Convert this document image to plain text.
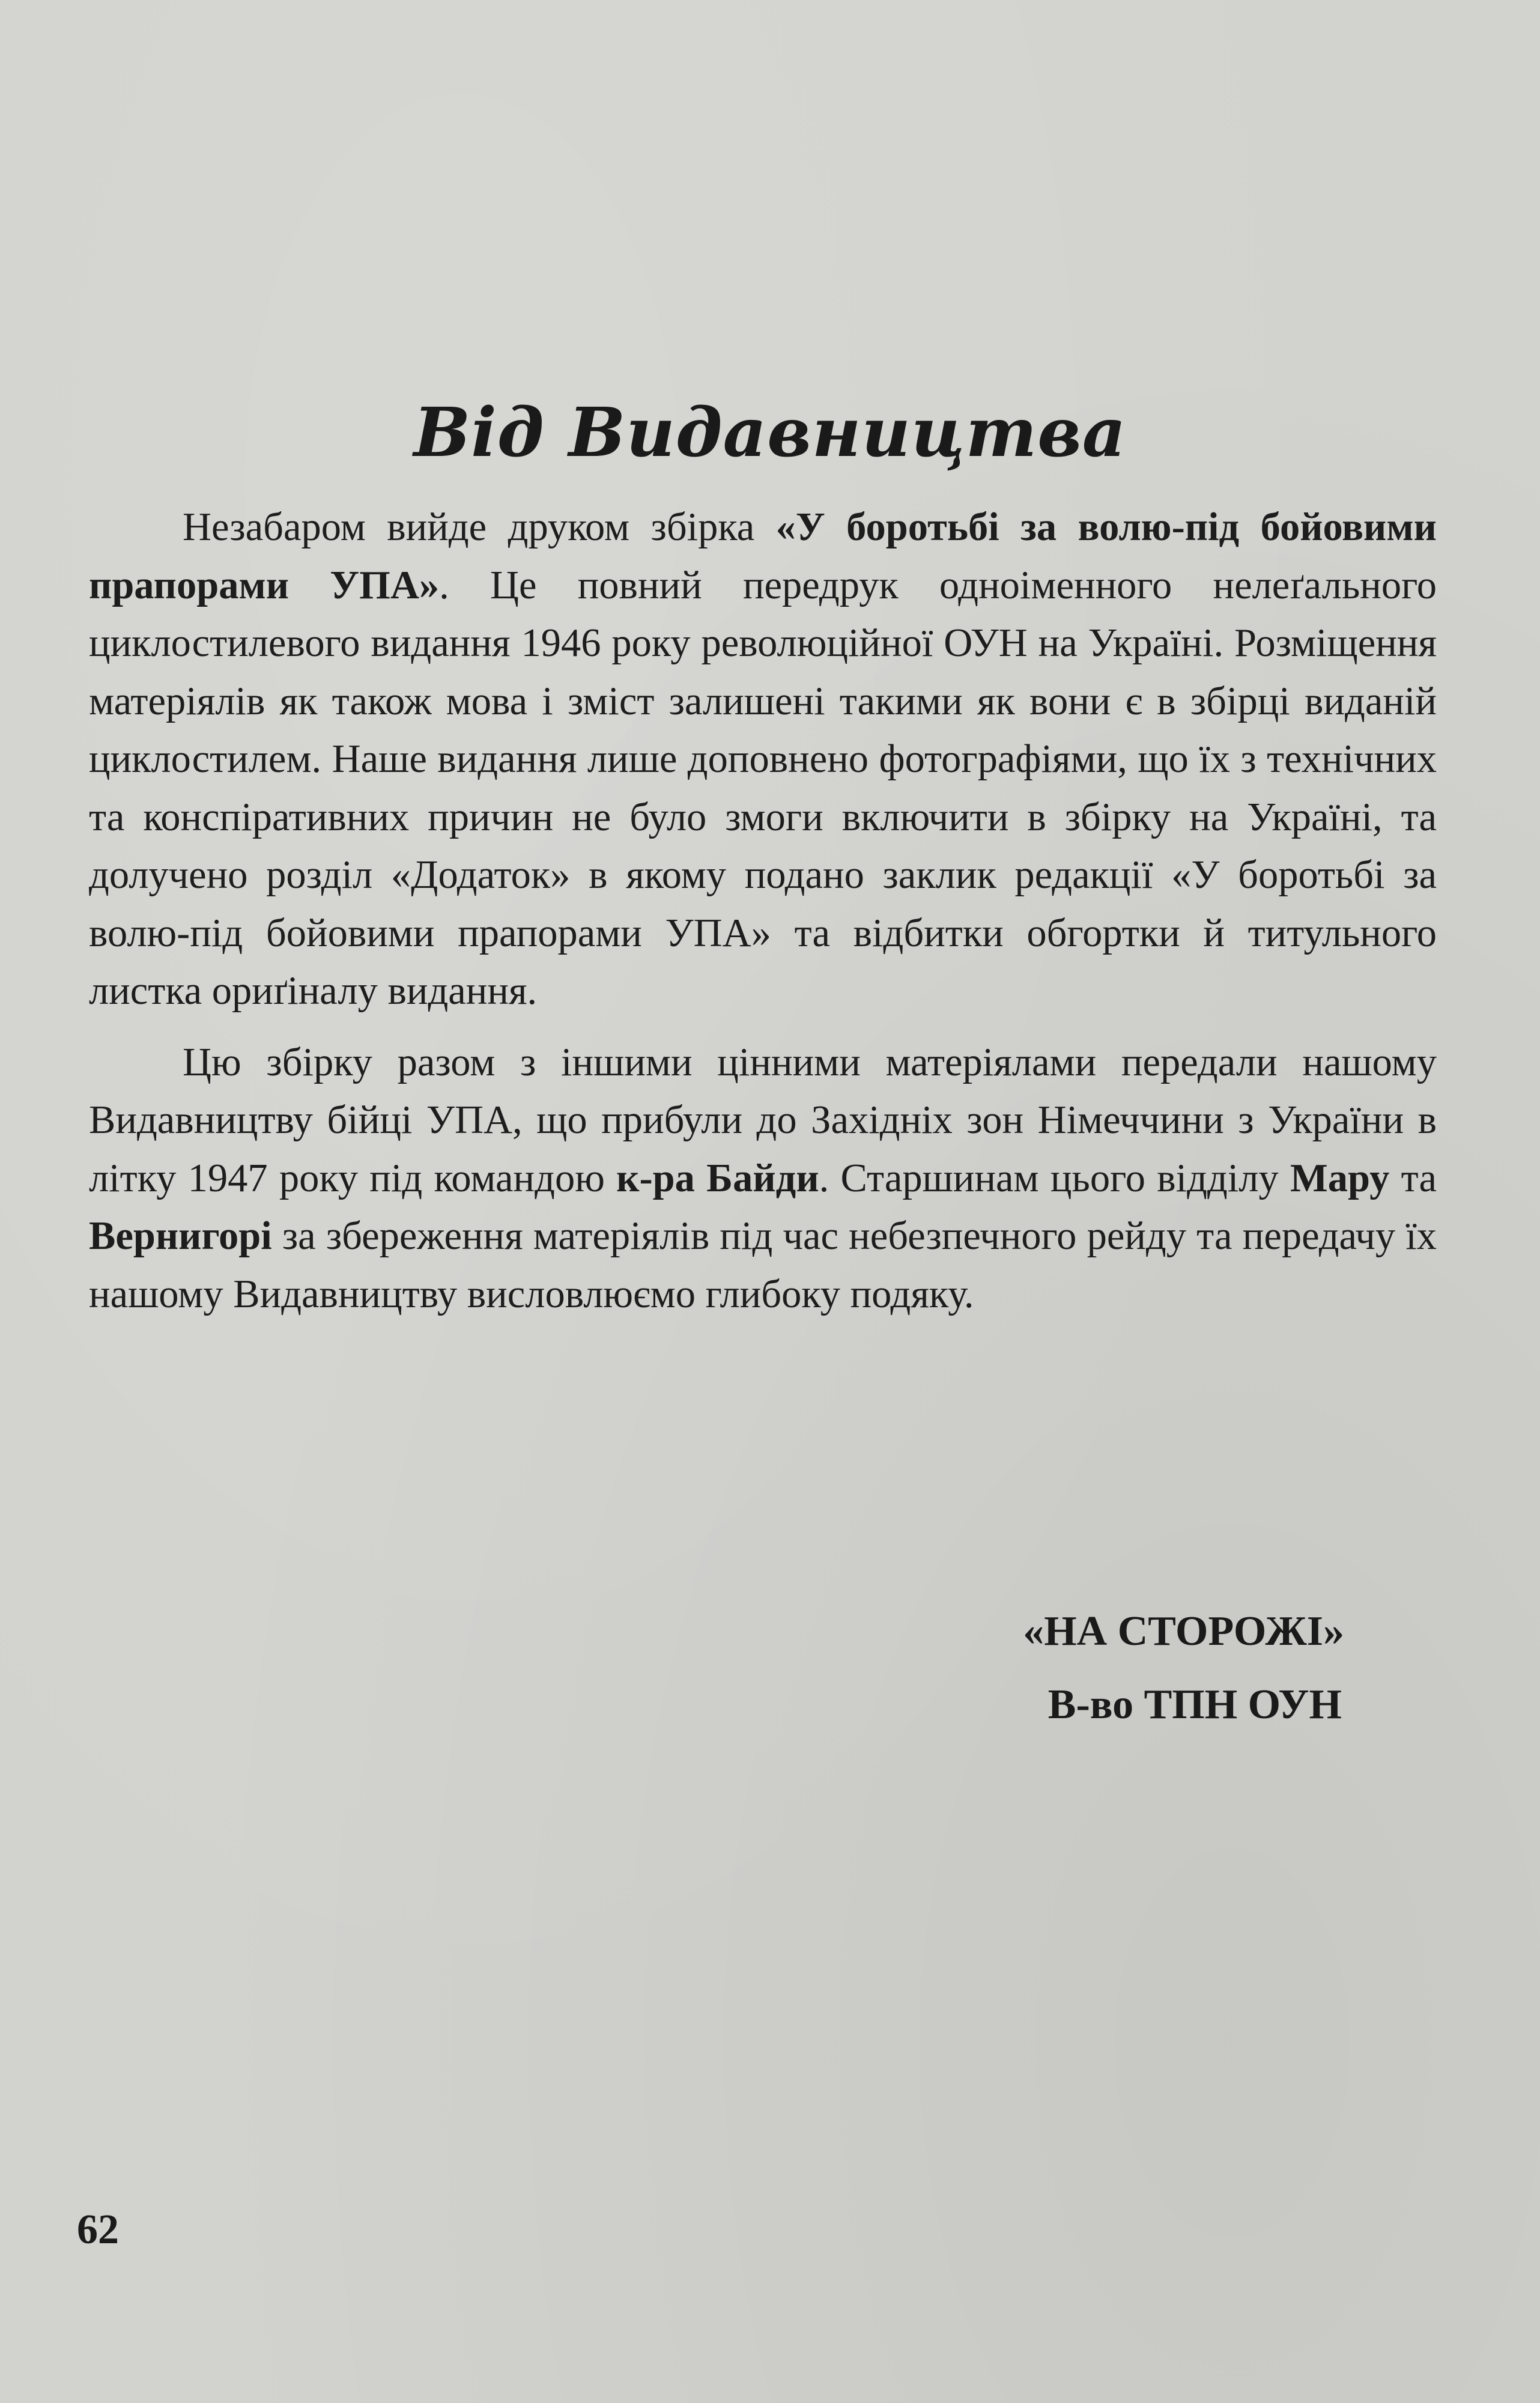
Від Видавництва

Незабаром вийде друком збірка «У боротьбі за волю-під бойовими прапорами УПА». Це повний передрук одноіменного нелеґального циклостилевого видання 1946 року революційної ОУН на Україні. Розміщення матеріялів як також мова і зміст залишені такими як вони є в збірці виданій циклостилем. Наше видання лише доповнено фотографіями, що їх з технічних та конспіративних причин не було змоги включити в збірку на Україні, та долучено розділ «Додаток» в якому подано заклик редакції «У боротьбі за волю-під бойовими прапорами УПА» та відбитки обгортки й титульного листка ориґіналу видання.

Цю збірку разом з іншими цінними матеріялами передали нашому Видавництву бійці УПА, що прибули до Західніх зон Німеччини з України в літку 1947 року під командою к-ра Байди. Старшинам цього відділу Мару та Вернигорі за збереження матеріялів під час небезпечного рейду та передачу їх нашому Видавництву висловлюємо глибоку подяку.

«НА СТОРОЖІ»
В-во ТПН ОУН
62
